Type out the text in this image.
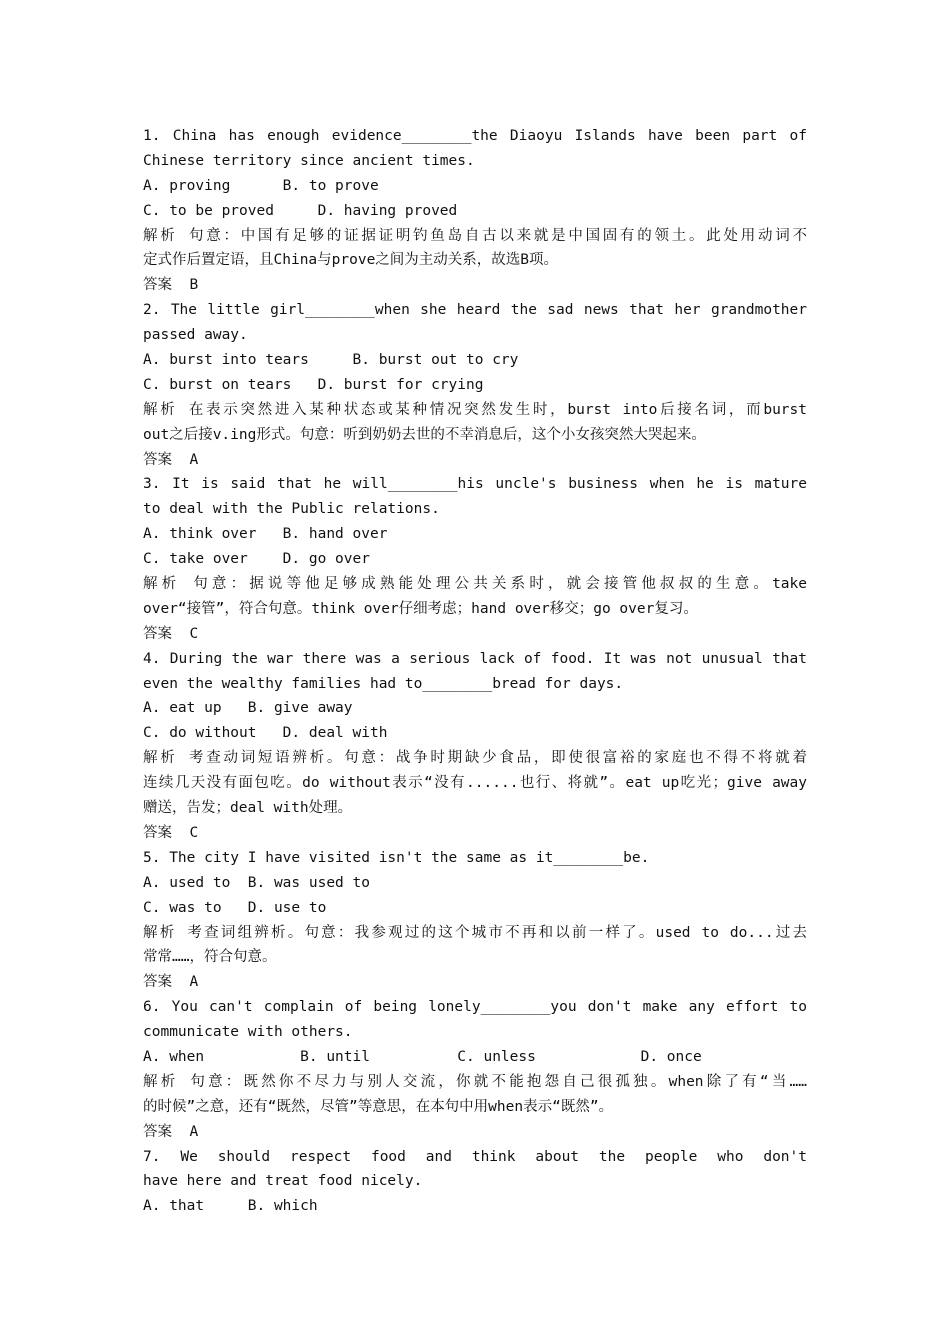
1. China has enough evidence________the Diaoyu Islands have been part of
Chinese territory since ancient times.
A. proving      B. to prove
C. to be proved     D. having proved
解析 句意：中国有足够的证据证明钓鱼岛自古以来就是中国固有的领土。此处用动词不
定式作后置定语，且China与prove之间为主动关系，故选B项。
答案  B
2. The little girl________when she heard the sad news that her grandmother
passed away.
A. burst into tears     B. burst out to cry
C. burst on tears   D. burst for crying
解析 在表示突然进入某种状态或某种情况突然发生时，burst into后接名词，而burst
out之后接v.ing形式。句意：听到奶奶去世的不幸消息后，这个小女孩突然大哭起来。
答案  A
3. It is said that he will________his uncle's business when he is mature
to deal with the Public relations.
A. think over   B. hand over
C. take over    D. go over
解析 句意：据说等他足够成熟能处理公共关系时，就会接管他叔叔的生意。take
over“接管”，符合句意。think over仔细考虑；hand over移交；go over复习。
答案  C
4. During the war there was a serious lack of food. It was not unusual that
even the wealthy families had to________bread for days.
A. eat up   B. give away
C. do without   D. deal with
解析 考查动词短语辨析。句意：战争时期缺少食品，即使很富裕的家庭也不得不将就着
连续几天没有面包吃。do without表示“没有......也行、将就”。eat up吃光；give away
赠送，告发；deal with处理。
答案  C
5. The city I have visited isn't the same as it________be.
A. used to  B. was used to
C. was to   D. use to
解析 考查词组辨析。句意：我参观过的这个城市不再和以前一样了。used to do...过去
常常……，符合句意。
答案  A
6. You can't complain of being lonely________you don't make any effort to
communicate with others.
A. when           B. until          C. unless            D. once
解析 句意：既然你不尽力与别人交流，你就不能抱怨自己很孤独。when除了有“当……
的时候”之意，还有“既然，尽管”等意思，在本句中用when表示“既然”。
答案  A
7. We should respect food and think about the people who don't
have here and treat food nicely.
A. that     B. which
